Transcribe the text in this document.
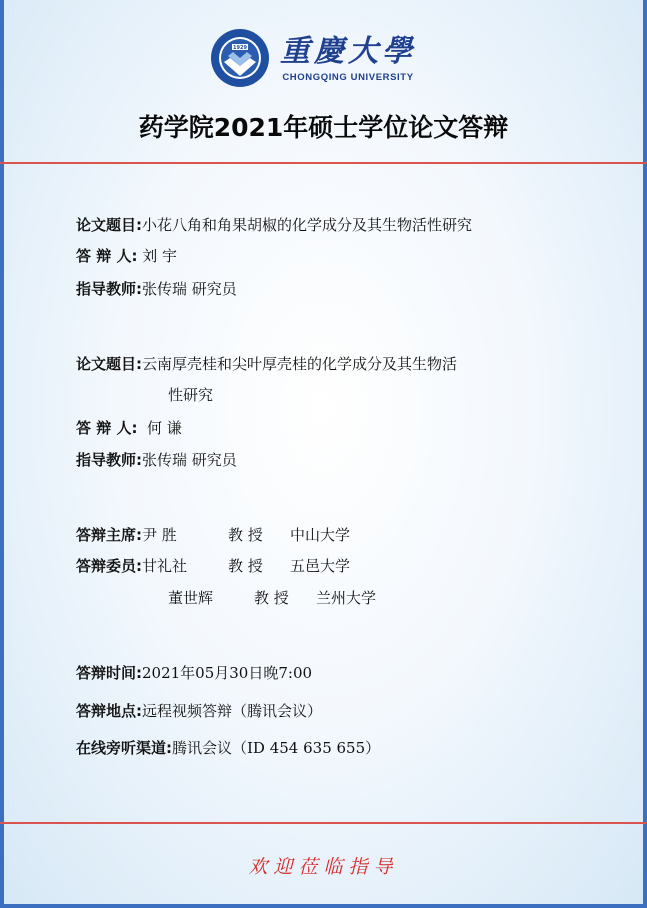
1929 重慶大學
CHONGQING UNIVERSITY
药学院2021年硕士学位论文答辩
论文题目:小花八角和角果胡椒的化学成分及其生物活性研究
答 辩 人: 刘 宇
指导教师:张传瑞 研究员
论文题目:云南厚壳桂和尖叶厚壳桂的化学成分及其生物活
性研究
答 辩 人: 何 谦
指导教师:张传瑞 研究员
答辩主席:尹 胜	教 授 中山大学
答辩委员:甘礼社	教 授 五邑大学
董世辉	教 授 兰州大学
答辩时间:2021年05月30日晚7:00
答辩地点:远程视频答辩（腾讯会议）
在线旁听渠道:腾讯会议（ID 454 635 655）
欢迎莅临指导
